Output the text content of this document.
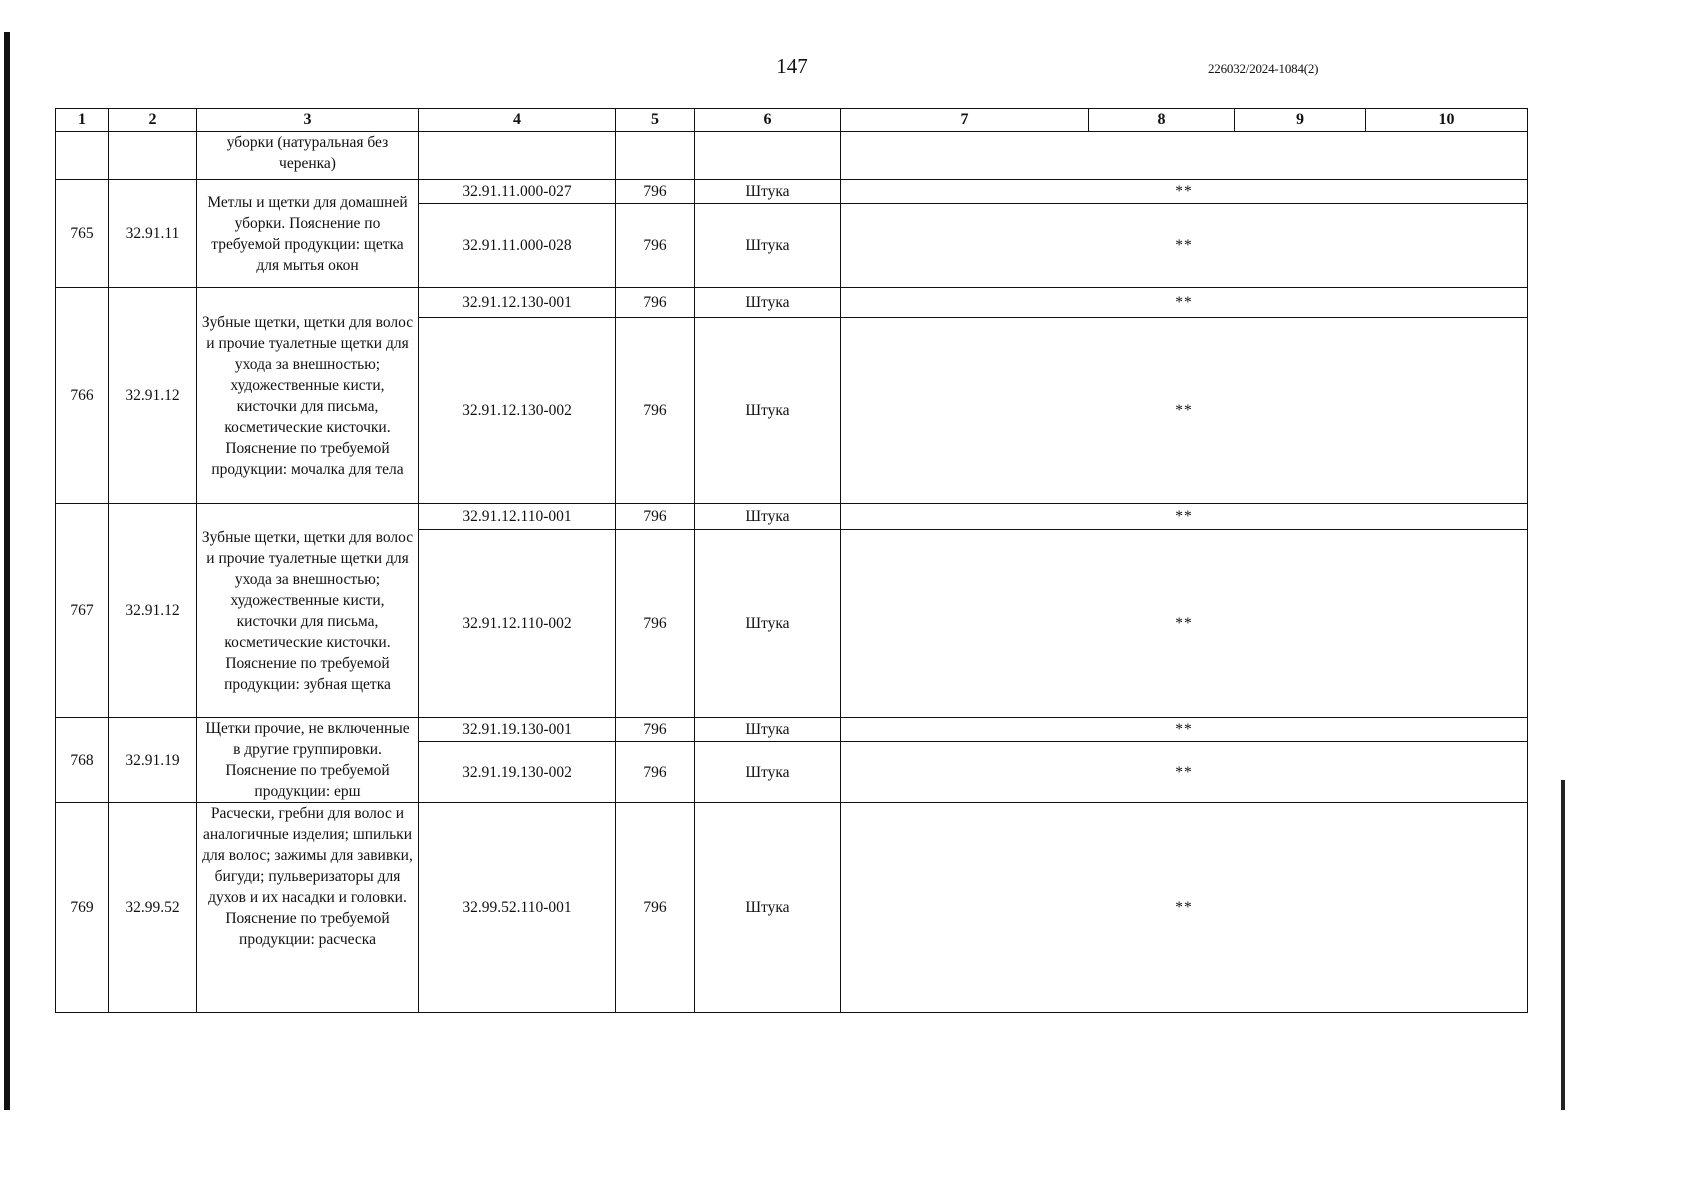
147	226032/2024-1084(2)
1	2	3	4	5	6	7	8	9	10
		уборки (натуральная без черенка)							
765	32.91.11	Метлы и щетки для домашней уборки. Пояснение по требуемой продукции: щетка для мытья окон	32.91.11.000-027	796	Штука	**			
			32.91.11.000-028	796	Штука	**			
766	32.91.12	Зубные щетки, щетки для волос и прочие туалетные щетки для ухода за внешностью; художественные кисти, кисточки для письма, косметические кисточки. Пояснение по требуемой продукции: мочалка для тела	32.91.12.130-001	796	Штука	**			
			32.91.12.130-002	796	Штука	**			
767	32.91.12	Зубные щетки, щетки для волос и прочие туалетные щетки для ухода за внешностью; художественные кисти, кисточки для письма, косметические кисточки. Пояснение по требуемой продукции: зубная щетка	32.91.12.110-001	796	Штука	**			
			32.91.12.110-002	796	Штука	**			
768	32.91.19	Щетки прочие, не включенные в другие группировки. Пояснение по требуемой продукции: ерш	32.91.19.130-001	796	Штука	**			
			32.91.19.130-002	796	Штука	**			
769	32.99.52	Расчески, гребни для волос и аналогичные изделия; шпильки для волос; зажимы для завивки, бигуди; пульверизаторы для духов и их насадки и головки. Пояснение по требуемой продукции: расческа	32.99.52.110-001	796	Штука	**			
